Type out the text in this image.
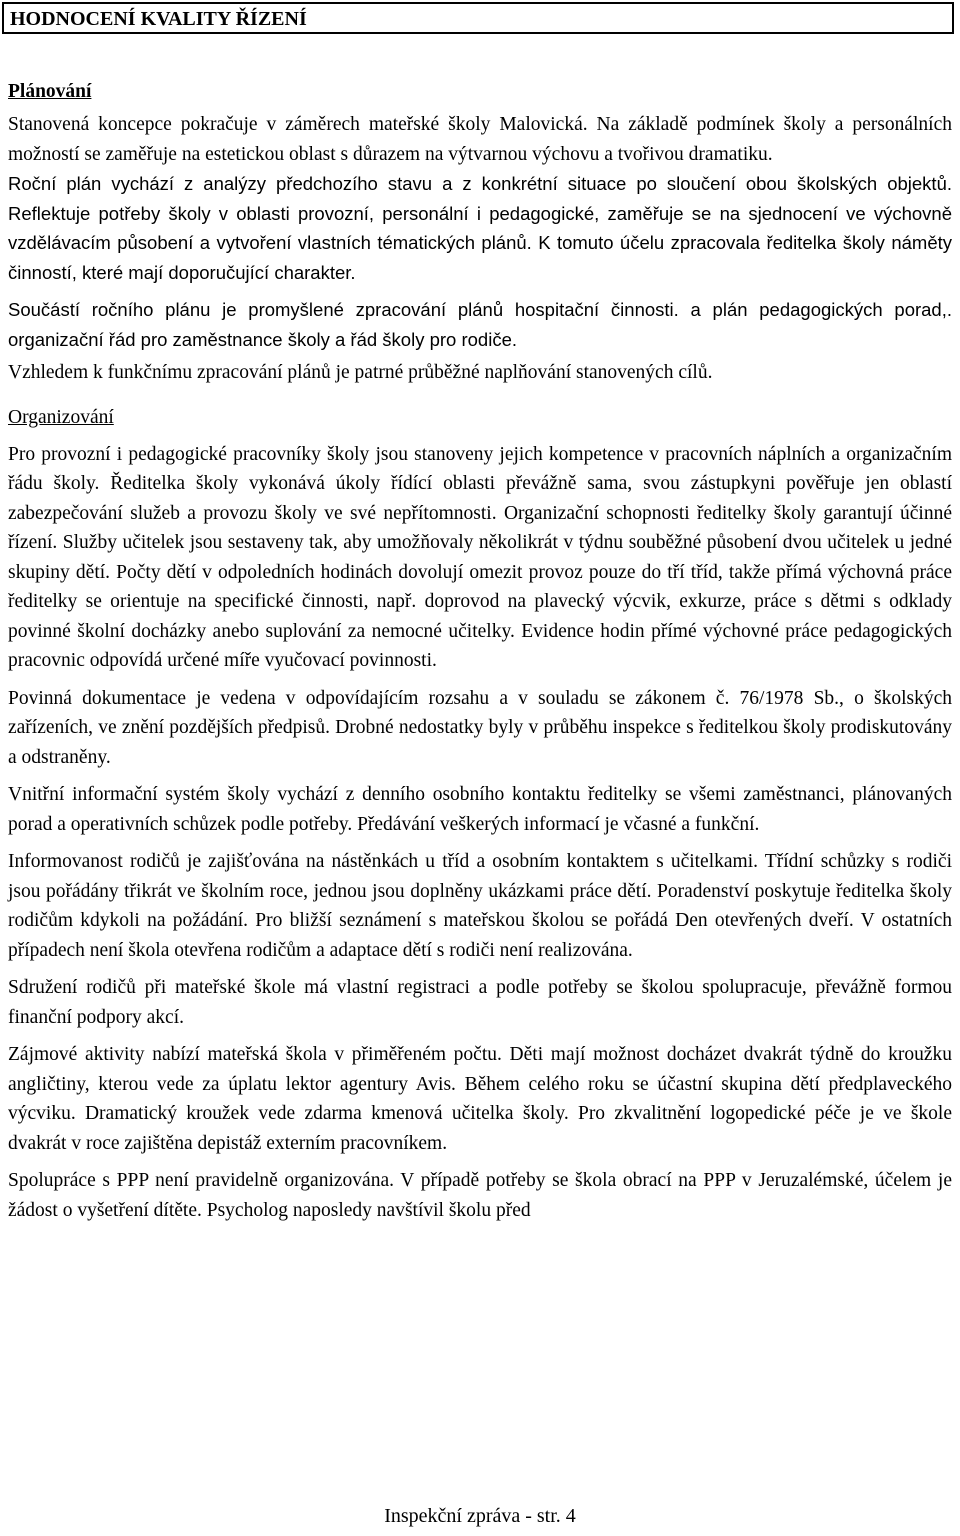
HODNOCENÍ KVALITY ŘÍZENÍ
Plánování

Stanovená koncepce pokračuje v záměrech mateřské školy Malovická. Na základě podmínek školy a personálních možností se zaměřuje na estetickou oblast s důrazem na výtvarnou výchovu a tvořivou dramatiku.

Roční plán vychází z analýzy předchozího stavu a z konkrétní situace po sloučení obou školských objektů. Reflektuje potřeby školy v oblasti provozní, personální i pedagogické, zaměřuje se na sjednocení ve výchovně vzdělávacím působení a vytvoření vlastních tématických plánů. K tomuto účelu zpracovala ředitelka školy náměty činností, které mají doporučující charakter.

Součástí ročního plánu je promyšlené zpracování plánů hospitační činnosti. a plán pedagogických porad,. organizační řád pro zaměstnance školy a řád školy pro rodiče.

Vzhledem k funkčnímu zpracování plánů je patrné průběžné naplňování stanovených cílů.

Organizování

Pro provozní i pedagogické pracovníky školy jsou stanoveny jejich kompetence v pracovních náplních a organizačním řádu školy. Ředitelka školy vykonává úkoly řídící oblasti převážně sama, svou zástupkyni pověřuje jen oblastí zabezpečování služeb a provozu školy ve své nepřítomnosti. Organizační schopnosti ředitelky školy garantují účinné řízení. Služby učitelek jsou sestaveny tak, aby umožňovaly několikrát v týdnu souběžné působení dvou učitelek u jedné skupiny dětí. Počty dětí v odpoledních hodinách dovolují omezit provoz pouze do tří tříd, takže přímá výchovná práce ředitelky se orientuje na specifické činnosti, např. doprovod na plavecký výcvik, exkurze, práce s dětmi s odklady povinné školní docházky anebo suplování za nemocné učitelky. Evidence hodin přímé výchovné práce pedagogických pracovnic odpovídá určené míře vyučovací povinnosti.

Povinná dokumentace je vedena v odpovídajícím rozsahu a v souladu se zákonem č. 76/1978 Sb., o školských zařízeních, ve znění pozdějších předpisů. Drobné nedostatky byly v průběhu inspekce s ředitelkou školy prodiskutovány a odstraněny.

Vnitřní informační systém školy vychází z denního osobního kontaktu ředitelky se všemi zaměstnanci, plánovaných porad a operativních schůzek podle potřeby. Předávání veškerých informací je včasné a funkční.

Informovanost rodičů je zajišťována na nástěnkách u tříd a osobním kontaktem s učitelkami. Třídní schůzky s rodiči jsou pořádány třikrát ve školním roce, jednou jsou doplněny ukázkami práce dětí. Poradenství poskytuje ředitelka školy rodičům kdykoli na požádání. Pro bližší seznámení s mateřskou školou se pořádá Den otevřených dveří. V ostatních případech není škola otevřena rodičům a adaptace dětí s rodiči není realizována.

Sdružení rodičů při mateřské škole má vlastní registraci a podle potřeby se školou spolupracuje, převážně formou finanční podpory akcí.

Zájmové aktivity nabízí mateřská škola v přiměřeném počtu. Děti mají možnost docházet dvakrát týdně do kroužku angličtiny, kterou vede za úplatu lektor agentury Avis. Během celého roku se účastní skupina dětí předplaveckého výcviku. Dramatický kroužek vede zdarma kmenová učitelka školy. Pro zkvalitnění logopedické péče je ve škole dvakrát v roce zajištěna depistáž externím pracovníkem.

Spolupráce s PPP není pravidelně organizována. V případě potřeby se škola obrací na PPP v Jeruzalémské, účelem je žádost o vyšetření dítěte. Psycholog naposledy navštívil školu před

Inspekční zpráva - str. 4
